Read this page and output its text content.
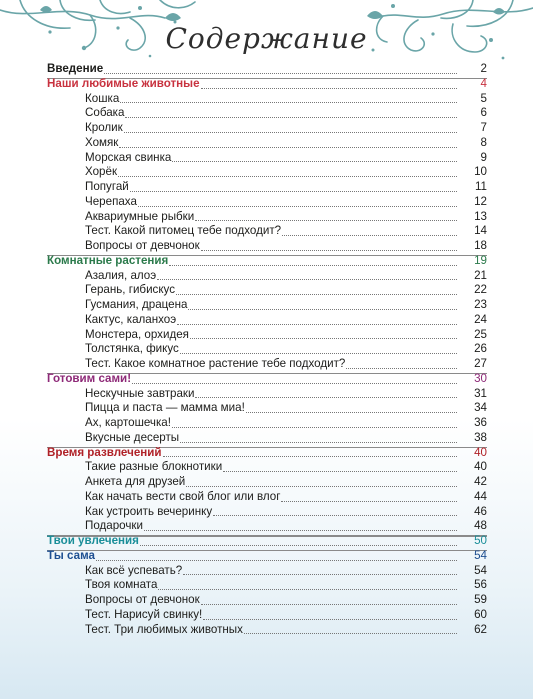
Содержание
Введение	2
Наши любимые животные	4
Кошка	5
Собака	6
Кролик	7
Хомяк	8
Морская свинка	9
Хорёк	10
Попугай	11
Черепаха	12
Аквариумные рыбки	13
Тест. Какой питомец тебе подходит?	14
Вопросы от девчонок	18
Комнатные растения	19
Азалия, алоэ	21
Герань, гибискус	22
Гусмания, драцена	23
Кактус, каланхоэ	24
Монстера, орхидея	25
Толстянка, фикус	26
Тест. Какое комнатное растение тебе подходит?	27
Готовим сами!	30
Нескучные завтраки	31
Пицца и паста — мамма миа!	34
Ах, картошечка!	36
Вкусные десерты	38
Время развлечений	40
Такие разные блокнотики	40
Анкета для друзей	42
Как начать вести свой блог или влог	44
Как устроить вечеринку	46
Подарочки	48
Твои увлечения	50
Ты сама	54
Как всё успевать?	54
Твоя комната	56
Вопросы от девчонок	59
Тест. Нарисуй свинку!	60
Тест. Три любимых животных	62
